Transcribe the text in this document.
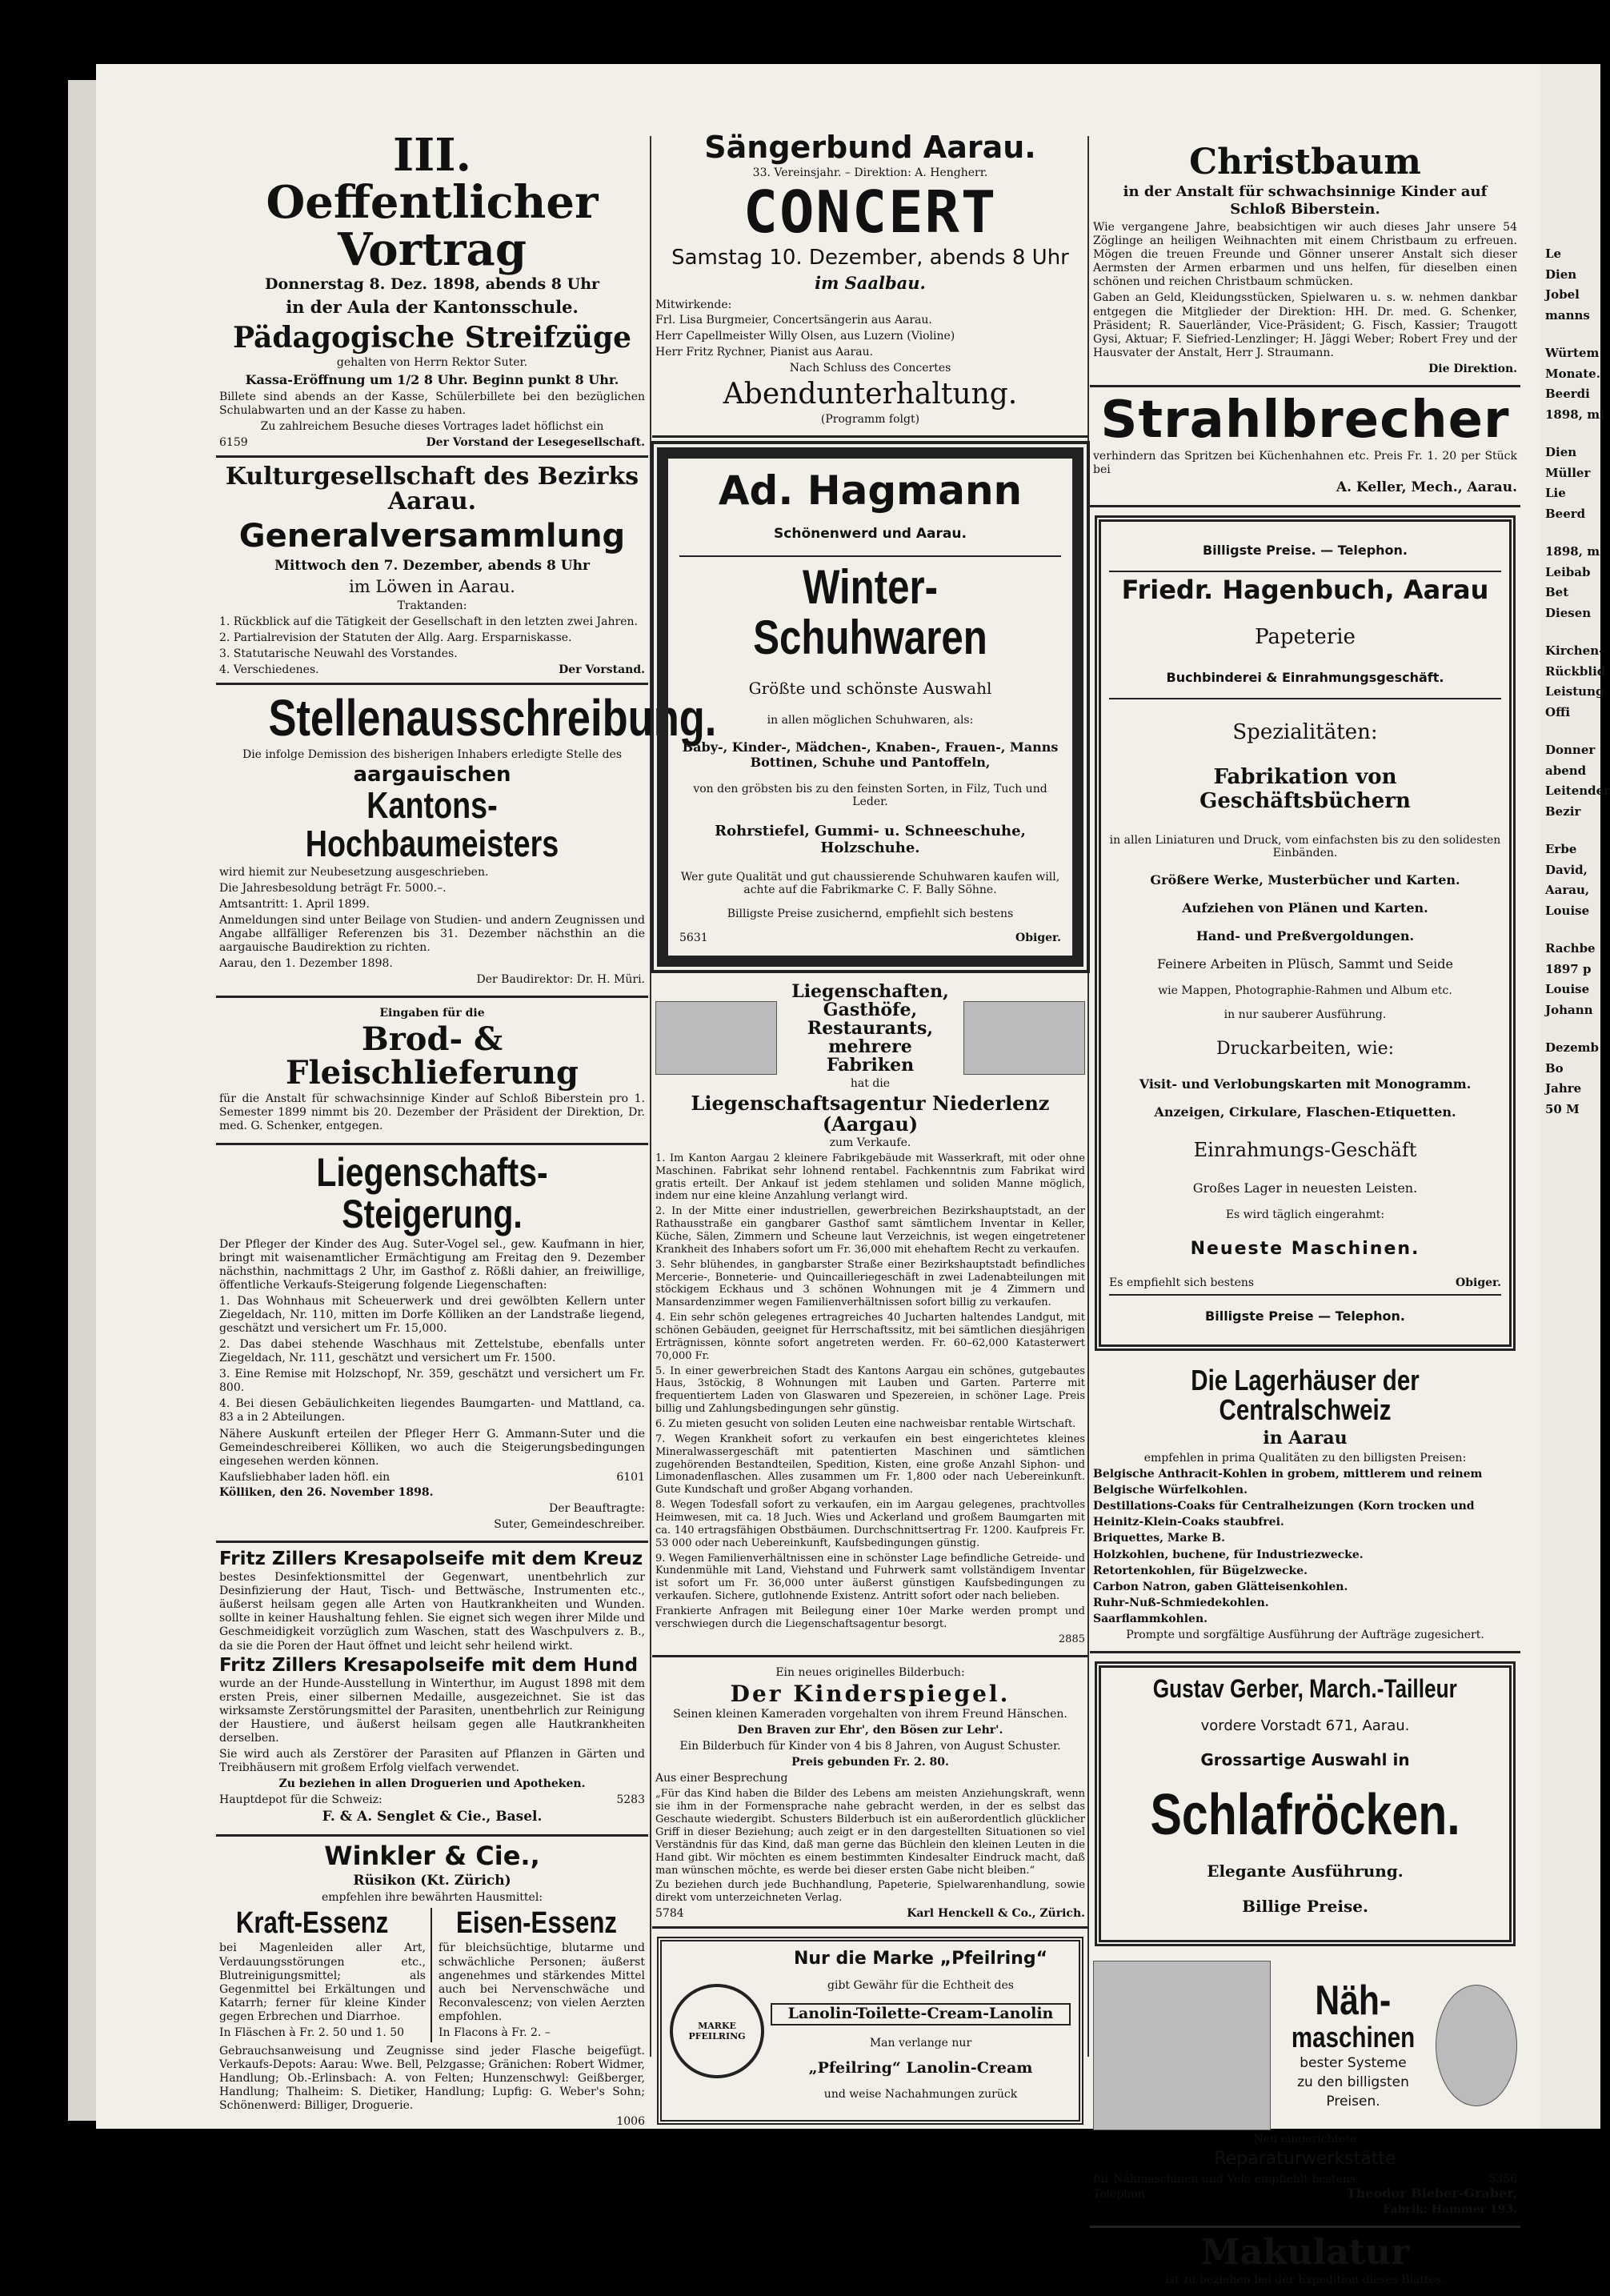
III. Oeffentlicher Vortrag

Donnerstag 8. Dez. 1898, abends 8 Uhr

in der Aula der Kantonsschule.

Pädagogische Streifzüge

gehalten von Herrn Rektor Suter.

Kassa-Eröffnung um 1/2 8 Uhr. Beginn punkt 8 Uhr.

Billete sind abends an der Kasse, Schülerbillete bei den bezüglichen Schulabwarten und an der Kasse zu haben.

Zu zahlreichem Besuche dieses Vortrages ladet höflichst ein

6159	Der Vorstand der Lesegesellschaft.
Kulturgesellschaft des Bezirks Aarau.
Generalversammlung

Mittwoch den 7. Dezember, abends 8 Uhr

im Löwen in Aarau.

Traktanden:

1. Rückblick auf die Tätigkeit der Gesellschaft in den letzten zwei Jahren.

2. Partialrevision der Statuten der Allg. Aarg. Ersparniskasse.

3. Statutarische Neuwahl des Vorstandes.

4. Verschiedenes.	Der Vorstand.
Stellenausschreibung.

Die infolge Demission des bisherigen Inhabers erledigte Stelle des

aargauischen
Kantons-Hochbaumeisters

wird hiemit zur Neubesetzung ausgeschrieben.

Die Jahresbesoldung beträgt Fr. 5000.–.

Amtsantritt: 1. April 1899.

Anmeldungen sind unter Beilage von Studien- und andern Zeugnissen und Angabe allfälliger Referenzen bis 31. Dezember nächsthin an die aargauische Baudirektion zu richten.

Aarau, den 1. Dezember 1898.

Der Baudirektor: Dr. H. Müri.

Eingaben für die

Brod- & Fleischlieferung

für die Anstalt für schwachsinnige Kinder auf Schloß Biberstein pro 1. Semester 1899 nimmt bis 20. Dezember der Präsident der Direktion, Dr. med. G. Schenker, entgegen.

Liegenschafts-Steigerung.

Der Pfleger der Kinder des Aug. Suter-Vogel sel., gew. Kaufmann in hier, bringt mit waisenamtlicher Ermächtigung am Freitag den 9. Dezember nächsthin, nachmittags 2 Uhr, im Gasthof z. Rößli dahier, an freiwillige, öffentliche Verkaufs-Steigerung folgende Liegenschaften:

1. Das Wohnhaus mit Scheuerwerk und drei gewölbten Kellern unter Ziegeldach, Nr. 110, mitten im Dorfe Kölliken an der Landstraße liegend, geschätzt und versichert um Fr. 15,000.

2. Das dabei stehende Waschhaus mit Zettelstube, ebenfalls unter Ziegeldach, Nr. 111, geschätzt und versichert um Fr. 1500.

3. Eine Remise mit Holzschopf, Nr. 359, geschätzt und versichert um Fr. 800.

4. Bei diesen Gebäulichkeiten liegendes Baumgarten- und Mattland, ca. 83 a in 2 Abteilungen.

Nähere Auskunft erteilen der Pfleger Herr G. Ammann-Suter und die Gemeindeschreiberei Kölliken, wo auch die Steigerungsbedingungen eingesehen werden können.

Kaufsliebhaber laden höfl. ein	6101

Kölliken, den 26. November 1898.

Der Beauftragte:

Suter, Gemeindeschreiber.

Fritz Zillers Kresapolseife mit dem Kreuz

bestes Desinfektionsmittel der Gegenwart, unentbehrlich zur Desinfizierung der Haut, Tisch- und Bettwäsche, Instrumenten etc., äußerst heilsam gegen alle Arten von Hautkrankheiten und Wunden. sollte in keiner Haushaltung fehlen. Sie eignet sich wegen ihrer Milde und Geschmeidigkeit vorzüglich zum Waschen, statt des Waschpulvers z. B., da sie die Poren der Haut öffnet und leicht sehr heilend wirkt.

Fritz Zillers Kresapolseife mit dem Hund

wurde an der Hunde-Ausstellung in Winterthur, im August 1898 mit dem ersten Preis, einer silbernen Medaille, ausgezeichnet. Sie ist das wirksamste Zerstörungsmittel der Parasiten, unentbehrlich zur Reinigung der Haustiere, und äußerst heilsam gegen alle Hautkrankheiten derselben.

Sie wird auch als Zerstörer der Parasiten auf Pflanzen in Gärten und Treibhäusern mit großem Erfolg vielfach verwendet.

Zu beziehen in allen Droguerien und Apotheken.

Hauptdepot für die Schweiz:	5283

F. & A. Senglet & Cie., Basel.

Winkler & Cie.,

Rüsikon (Kt. Zürich)

empfehlen ihre bewährten Hausmittel:

Kraft-Essenz

bei Magenleiden aller Art, Verdauungsstörungen etc., Blutreinigungsmittel; als Gegenmittel bei Erkältungen und Katarrh; ferner für kleine Kinder gegen Erbrechen und Diarrhoe.

In Fläschen à Fr. 2. 50 und 1. 50

Eisen-Essenz

für bleichsüchtige, blutarme und schwächliche Personen; äußerst angenehmes und stärkendes Mittel auch bei Nervenschwäche und Reconvalescenz; von vielen Aerzten empfohlen.

In Flacons à Fr. 2. –

Gebrauchsanweisung und Zeugnisse sind jeder Flasche beigefügt. Verkaufs-Depots: Aarau: Wwe. Bell, Pelzgasse; Gränichen: Robert Widmer, Handlung; Ob.-Erlinsbach: A. von Felten; Hunzenschwyl: Geißberger, Handlung; Thalheim: S. Dietiker, Handlung; Lupfig: G. Weber's Sohn; Schönenwerd: Billiger, Droguerie.

1006

Sängerbund Aarau.

33. Vereinsjahr. – Direktion: A. Hengherr.

CONCERT

Samstag 10. Dezember, abends 8 Uhr

im Saalbau.

Mitwirkende:

Frl. Lisa Burgmeier, Concertsängerin aus Aarau.

Herr Capellmeister Willy Olsen, aus Luzern (Violine)

Herr Fritz Rychner, Pianist aus Aarau.

Nach Schluss des Concertes

Abendunterhaltung.

(Programm folgt)

Ad. Hagmann

Schönenwerd und Aarau.

Winter-Schuhwaren

Größte und schönste Auswahl

in allen möglichen Schuhwaren, als:

Baby-, Kinder-, Mädchen-, Knaben-, Frauen-, Manns Bottinen, Schuhe und Pantoffeln,

von den gröbsten bis zu den feinsten Sorten, in Filz, Tuch und Leder.

Rohrstiefel, Gummi- u. Schneeschuhe, Holzschuhe.

Wer gute Qualität und gut chaussierende Schuhwaren kaufen will, achte auf die Fabrikmarke C. F. Bally Söhne.

Billigste Preise zusichernd, empfiehlt sich bestens

5631	Obiger.
Liegenschaften, Gasthöfe, Restaurants, mehrere Fabriken

hat die

Liegenschaftsagentur Niederlenz (Aargau)

zum Verkaufe.

1. Im Kanton Aargau 2 kleinere Fabrikgebäude mit Wasserkraft, mit oder ohne Maschinen. Fabrikat sehr lohnend rentabel. Fachkenntnis zum Fabrikat wird gratis erteilt. Der Ankauf ist jedem stehlamen und soliden Manne möglich, indem nur eine kleine Anzahlung verlangt wird.

2. In der Mitte einer industriellen, gewerbreichen Bezirkshauptstadt, an der Rathausstraße ein gangbarer Gasthof samt sämtlichem Inventar in Keller, Küche, Sälen, Zimmern und Scheune laut Verzeichnis, ist wegen eingetretener Krankheit des Inhabers sofort um Fr. 36,000 mit ehehaftem Recht zu verkaufen.

3. Sehr blühendes, in gangbarster Straße einer Bezirkshauptstadt befindliches Mercerie-, Bonneterie- und Quincailleriegeschäft in zwei Ladenabteilungen mit stöckigem Eckhaus und 3 schönen Wohnungen mit je 4 Zimmern und Mansardenzimmer wegen Familienverhältnissen sofort billig zu verkaufen.

4. Ein sehr schön gelegenes ertragreiches 40 Jucharten haltendes Landgut, mit schönen Gebäuden, geeignet für Herrschaftssitz, mit bei sämtlichen diesjährigen Erträgnissen, könnte sofort angetreten werden. Fr. 60–62,000 Katasterwert 70,000 Fr.

5. In einer gewerbreichen Stadt des Kantons Aargau ein schönes, gutgebautes Haus, 3stöckig, 8 Wohnungen mit Lauben und Garten. Parterre mit frequentiertem Laden von Glaswaren und Spezereien, in schöner Lage. Preis billig und Zahlungsbedingungen sehr günstig.

6. Zu mieten gesucht von soliden Leuten eine nachweisbar rentable Wirtschaft.

7. Wegen Krankheit sofort zu verkaufen ein best eingerichtetes kleines Mineralwassergeschäft mit patentierten Maschinen und sämtlichen zugehörenden Bestandteilen, Spedition, Kisten, eine große Anzahl Siphon- und Limonadenflaschen. Alles zusammen um Fr. 1,800 oder nach Uebereinkunft. Gute Kundschaft und großer Abgang vorhanden.

8. Wegen Todesfall sofort zu verkaufen, ein im Aargau gelegenes, prachtvolles Heimwesen, mit ca. 18 Juch. Wies und Ackerland und großem Baumgarten mit ca. 140 ertragsfähigen Obstbäumen. Durchschnittsertrag Fr. 1200. Kaufpreis Fr. 53 000 oder nach Uebereinkunft, Kaufsbedingungen günstig.

9. Wegen Familienverhältnissen eine in schönster Lage befindliche Getreide- und Kundenmühle mit Land, Viehstand und Fuhrwerk samt vollständigem Inventar ist sofort um Fr. 36,000 unter äußerst günstigen Kaufsbedingungen zu verkaufen. Sichere, gutlohnende Existenz. Antritt sofort oder nach belieben.

Frankierte Anfragen mit Beilegung einer 10er Marke werden prompt und verschwiegen durch die Liegenschaftsagentur besorgt.

2885

Ein neues originelles Bilderbuch:

Der Kinderspiegel.

Seinen kleinen Kameraden vorgehalten von ihrem Freund Hänschen.

Den Braven zur Ehr', den Bösen zur Lehr'.

Ein Bilderbuch für Kinder von 4 bis 8 Jahren, von August Schuster.

Preis gebunden Fr. 2. 80.

Aus einer Besprechung

„Für das Kind haben die Bilder des Lebens am meisten Anziehungskraft, wenn sie ihm in der Formensprache nahe gebracht werden, in der es selbst das Geschaute wiedergibt. Schusters Bilderbuch ist ein außerordentlich glücklicher Griff in dieser Beziehung; auch zeigt er in den dargestellten Situationen so viel Verständnis für das Kind, daß man gerne das Büchlein den kleinen Leuten in die Hand gibt. Wir möchten es einem bestimmten Kindesalter Eindruck macht, daß man wünschen möchte, es werde bei dieser ersten Gabe nicht bleiben.“

Zu beziehen durch jede Buchhandlung, Papeterie, Spielwarenhandlung, sowie direkt vom unterzeichneten Verlag.

5784	Karl Henckell & Co., Zürich.
MARKE PFEILRING
Nur die Marke „Pfeilring“

gibt Gewähr für die Echtheit des

Lanolin-Toilette-Cream-Lanolin

Man verlange nur

„Pfeilring“ Lanolin-Cream

und weise Nachahmungen zurück

Christbaum

in der Anstalt für schwachsinnige Kinder auf Schloß Biberstein.

Wie vergangene Jahre, beabsichtigen wir auch dieses Jahr unsere 54 Zöglinge an heiligen Weihnachten mit einem Christbaum zu erfreuen. Mögen die treuen Freunde und Gönner unserer Anstalt sich dieser Aermsten der Armen erbarmen und uns helfen, für dieselben einen schönen und reichen Christbaum schmücken.

Gaben an Geld, Kleidungsstücken, Spielwaren u. s. w. nehmen dankbar entgegen die Mitglieder der Direktion: HH. Dr. med. G. Schenker, Präsident; R. Sauerländer, Vice-Präsident; G. Fisch, Kassier; Traugott Gysi, Aktuar; F. Siefried-Lenzlinger; H. Jäggi Weber; Robert Frey und der Hausvater der Anstalt, Herr J. Straumann.

Die Direktion.

Strahlbrecher

verhindern das Spritzen bei Küchenhahnen etc. Preis Fr. 1. 20 per Stück bei

A. Keller, Mech., Aarau.

Billigste Preise. — Telephon.

Friedr. Hagenbuch, Aarau

Papeterie

Buchbinderei & Einrahmungsgeschäft.

Spezialitäten:

Fabrikation von Geschäftsbüchern

in allen Liniaturen und Druck, vom einfachsten bis zu den solidesten Einbänden.

Größere Werke, Musterbücher und Karten.

Aufziehen von Plänen und Karten.

Hand- und Preßvergoldungen.

Feinere Arbeiten in Plüsch, Sammt und Seide

wie Mappen, Photographie-Rahmen und Album etc.

in nur sauberer Ausführung.

Druckarbeiten, wie:

Visit- und Verlobungskarten mit Monogramm.

Anzeigen, Cirkulare, Flaschen-Etiquetten.

Einrahmungs-Geschäft

Großes Lager in neuesten Leisten.

Es wird täglich eingerahmt:

Neueste Maschinen.

Es empfiehlt sich bestens	Obiger.

Billigste Preise — Telephon.

Die Lagerhäuser der Centralschweiz

in Aarau

empfehlen in prima Qualitäten zu den billigsten Preisen:

Belgische Anthracit-Kohlen in grobem, mittlerem und reinem

Belgische Würfelkohlen.

Destillations-Coaks für Centralheizungen (Korn trocken und

Heinitz-Klein-Coaks staubfrei.

Briquettes, Marke B.

Holzkohlen, buchene, für Industriezwecke.

Retortenkohlen, für Bügelzwecke.

Carbon Natron, gaben Glätteisenkohlen.

Ruhr-Nuß-Schmiedekohlen.

Saarflammkohlen.

Prompte und sorgfältige Ausführung der Aufträge zugesichert.

Gustav Gerber, March.-Tailleur

vordere Vorstadt 671, Aarau.

Grossartige Auswahl in

Schlafröcken.

Elegante Ausführung.

Billige Preise.

Näh- maschinen

bester Systeme

zu den billigsten

Preisen.

Neu eingerichtete

Reparaturwerkstätte

für Nähmaschinen und Velo empfiehlt bestens	5356
Telephon	Theodor Bieber-Graber,

Fabrik: Hammer 193.

Makulatur

ist zu beziehen bei der Expedition dieses Blattes.

Le
Dien
Jobel
manns
Würtem
Monate.
Beerdi
1898, mi
Dien
Müller
Lie
Beerd
1898, m
Leibab
Bet
Diesen
Kirchen-
Rückblid
Leistung
Offi
Donner
abend
Leitender
Bezir
Erbe
David,
Aarau,
Louise
Rachbe
1897 p
Louise
Johann
Dezemb
Bo
Jahre
50 M
